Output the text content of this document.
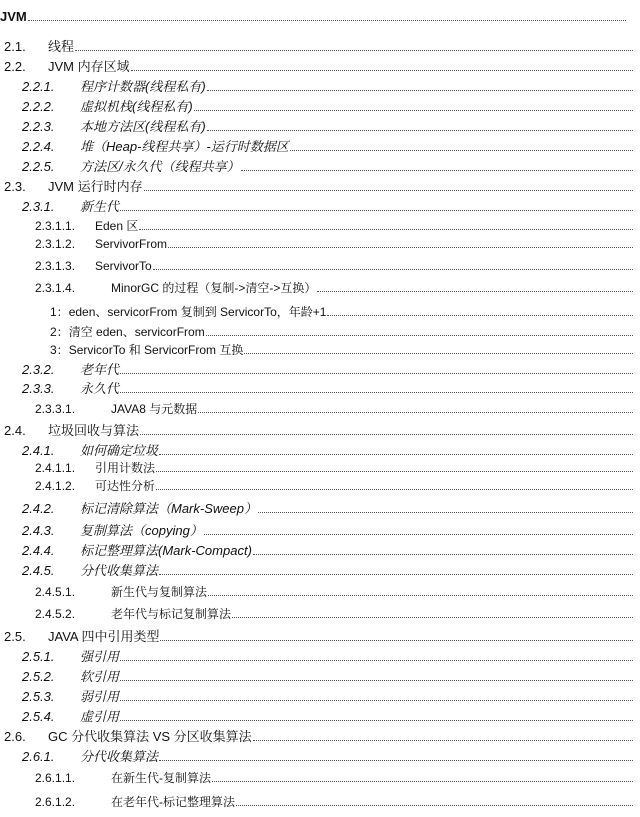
JVM
2.1.	线程
2.2.	JVM 内存区域
2.2.1.	程序计数器(线程私有)
2.2.2.	虚拟机栈(线程私有)
2.2.3.	本地方法区(线程私有)
2.2.4.	堆（Heap-线程共享）-运行时数据区
2.2.5.	方法区/永久代（线程共享）
2.3.	JVM 运行时内存
2.3.1.	新生代
2.3.1.1.	Eden 区
2.3.1.2.	ServivorFrom
2.3.1.3.	ServivorTo
2.3.1.4.	MinorGC 的过程（复制->清空->互换）
1： eden、servicorFrom 复制到 ServicorTo，年龄+1
2： 清空 eden、servicorFrom
3： ServicorTo 和 ServicorFrom 互换
2.3.2.	老年代
2.3.3.	永久代
2.3.3.1.	JAVA8 与元数据
2.4.	垃圾回收与算法
2.4.1.	如何确定垃圾
2.4.1.1.	引用计数法
2.4.1.2.	可达性分析
2.4.2.	标记清除算法（Mark-Sweep）
2.4.3.	复制算法（copying）
2.4.4.	标记整理算法(Mark-Compact)
2.4.5.	分代收集算法
2.4.5.1.	新生代与复制算法
2.4.5.2.	老年代与标记复制算法
2.5.	JAVA 四中引用类型
2.5.1.	强引用
2.5.2.	软引用
2.5.3.	弱引用
2.5.4.	虚引用
2.6.	GC 分代收集算法 VS 分区收集算法
2.6.1.	分代收集算法
2.6.1.1.	在新生代-复制算法
2.6.1.2.	在老年代-标记整理算法
